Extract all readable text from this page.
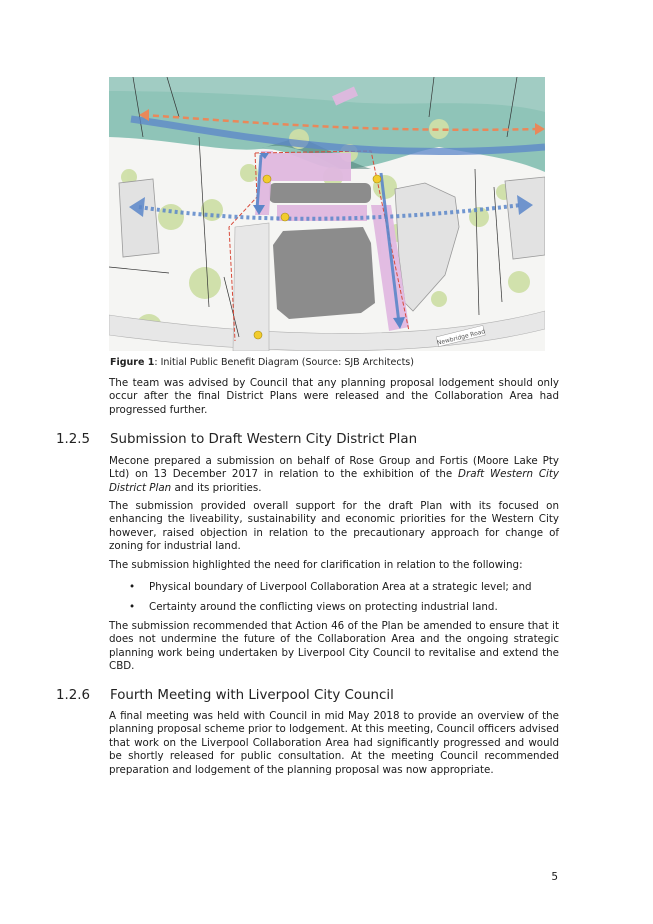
Newbridge Road
Figure 1: Initial Public Benefit Diagram (Source: SJB Architects)

The team was advised by Council that any planning proposal lodgement should only occur after the final District Plans were released and the Collaboration Area had progressed further.

1.2.5 Submission to Draft Western City District Plan

Mecone prepared a submission on behalf of Rose Group and Fortis (Moore Lake Pty Ltd) on 13 December 2017 in relation to the exhibition of the Draft Western City District Plan and its priorities.

The submission provided overall support for the draft Plan with its focused on enhancing the liveability, sustainability and economic priorities for the Western City however, raised objection in relation to the precautionary approach for change of zoning for industrial land.

The submission highlighted the need for clarification in relation to the following:

• Physical boundary of Liverpool Collaboration Area at a strategic level; and
• Certainty around the conflicting views on protecting industrial land.

The submission recommended that Action 46 of the Plan be amended to ensure that it does not undermine the future of the Collaboration Area and the ongoing strategic planning work being undertaken by Liverpool City Council to revitalise and extend the CBD.

1.2.6 Fourth Meeting with Liverpool City Council

A final meeting was held with Council in mid May 2018 to provide an overview of the planning proposal scheme prior to lodgement. At this meeting, Council officers advised that work on the Liverpool Collaboration Area had significantly progressed and would be shortly released for public consultation. At the meeting Council recommended preparation and lodgement of the planning proposal was now appropriate.

5
